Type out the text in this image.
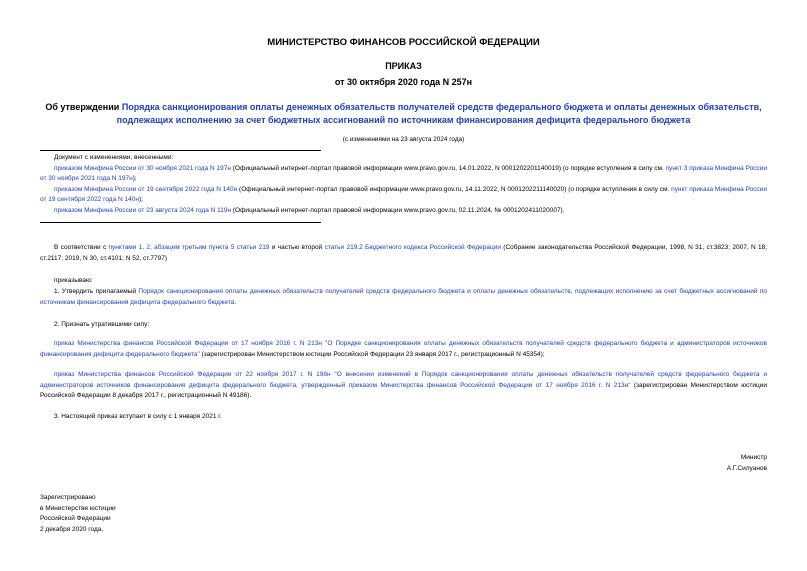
МИНИСТЕРСТВО ФИНАНСОВ РОССИЙСКОЙ ФЕДЕРАЦИИ
ПРИКАЗ
от 30 октября 2020 года N 257н
Об утверждении Порядка санкционирования оплаты денежных обязательств получателей средств федерального бюджета и оплаты денежных обязательств, подлежащих исполнению за счет бюджетных ассигнований по источникам финансирования дефицита федерального бюджета
(с изменениями на 23 августа 2024 года)
Документ с изменениями, внесенными:
приказом Минфина России от 30 ноября 2021 года N 197н (Официальный интернет-портал правовой информации www.pravo.gov.ru, 14.01.2022, N 0001202201140019) (о порядке вступления в силу см. пункт 3 приказа Минфина России от 30 ноября 2021 года N 197н);
приказом Минфина России от 19 сентября 2022 года N 140н (Официальный интернет-портал правовой информации www.pravo.gov.ru, 14.11.2022, N 0001202211140020) (о порядке вступления в силу см. пункт приказа Минфина России от 19 сентября 2022 года N 140н);
приказом Минфина России от 23 августа 2024 года N 119н (Официальный интернет-портал правовой информации www.pravo.gov.ru, 02.11.2024, № 0001202411020007).
В соответствии с пунктами 1, 2, абзацем третьим пункта 5 статьи 219 и частью второй статьи 219.2 Бюджетного кодекса Российской Федерации (Собрание законодательства Российской Федерации, 1998, N 31, ст.3823; 2007, N 18, ст.2117; 2019, N 30, ст.4101; N 52, ст.7797)
приказываю:
1. Утвердить прилагаемый Порядок санкционирования оплаты денежных обязательств получателей средств федерального бюджета и оплаты денежных обязательств, подлежащих исполнению за счет бюджетных ассигнований по источникам финансирования дефицита федерального бюджета.
2. Признать утратившими силу:
приказ Министерства финансов Российской Федерации от 17 ноября 2016 г. N 213н "О Порядке санкционирования оплаты денежных обязательств получателей средств федерального бюджета и администраторов источников финансирования дефицита федерального бюджета" (зарегистрирован Министерством юстиции Российской Федерации 23 января 2017 г., регистрационный N 45354);
приказ Министерства финансов Российской Федерации от 22 ноября 2017 г. N 198н "О внесении изменений в Порядок санкционирования оплаты денежных обязательств получателей средств федерального бюджета и администраторов источников финансирования дефицита федерального бюджета, утвержденный приказом Министерства финансов Российской Федерации от 17 ноября 2016 г. N 213н" (зарегистрирован Министерством юстиции Российской Федерации 8 декабря 2017 г., регистрационный N 49186).
3. Настоящий приказ вступает в силу с 1 января 2021 г.
Министр
А.Г.Силуанов
Зарегистрировано
в Министерстве юстиции
Российской Федерации
2 декабря 2020 года,
